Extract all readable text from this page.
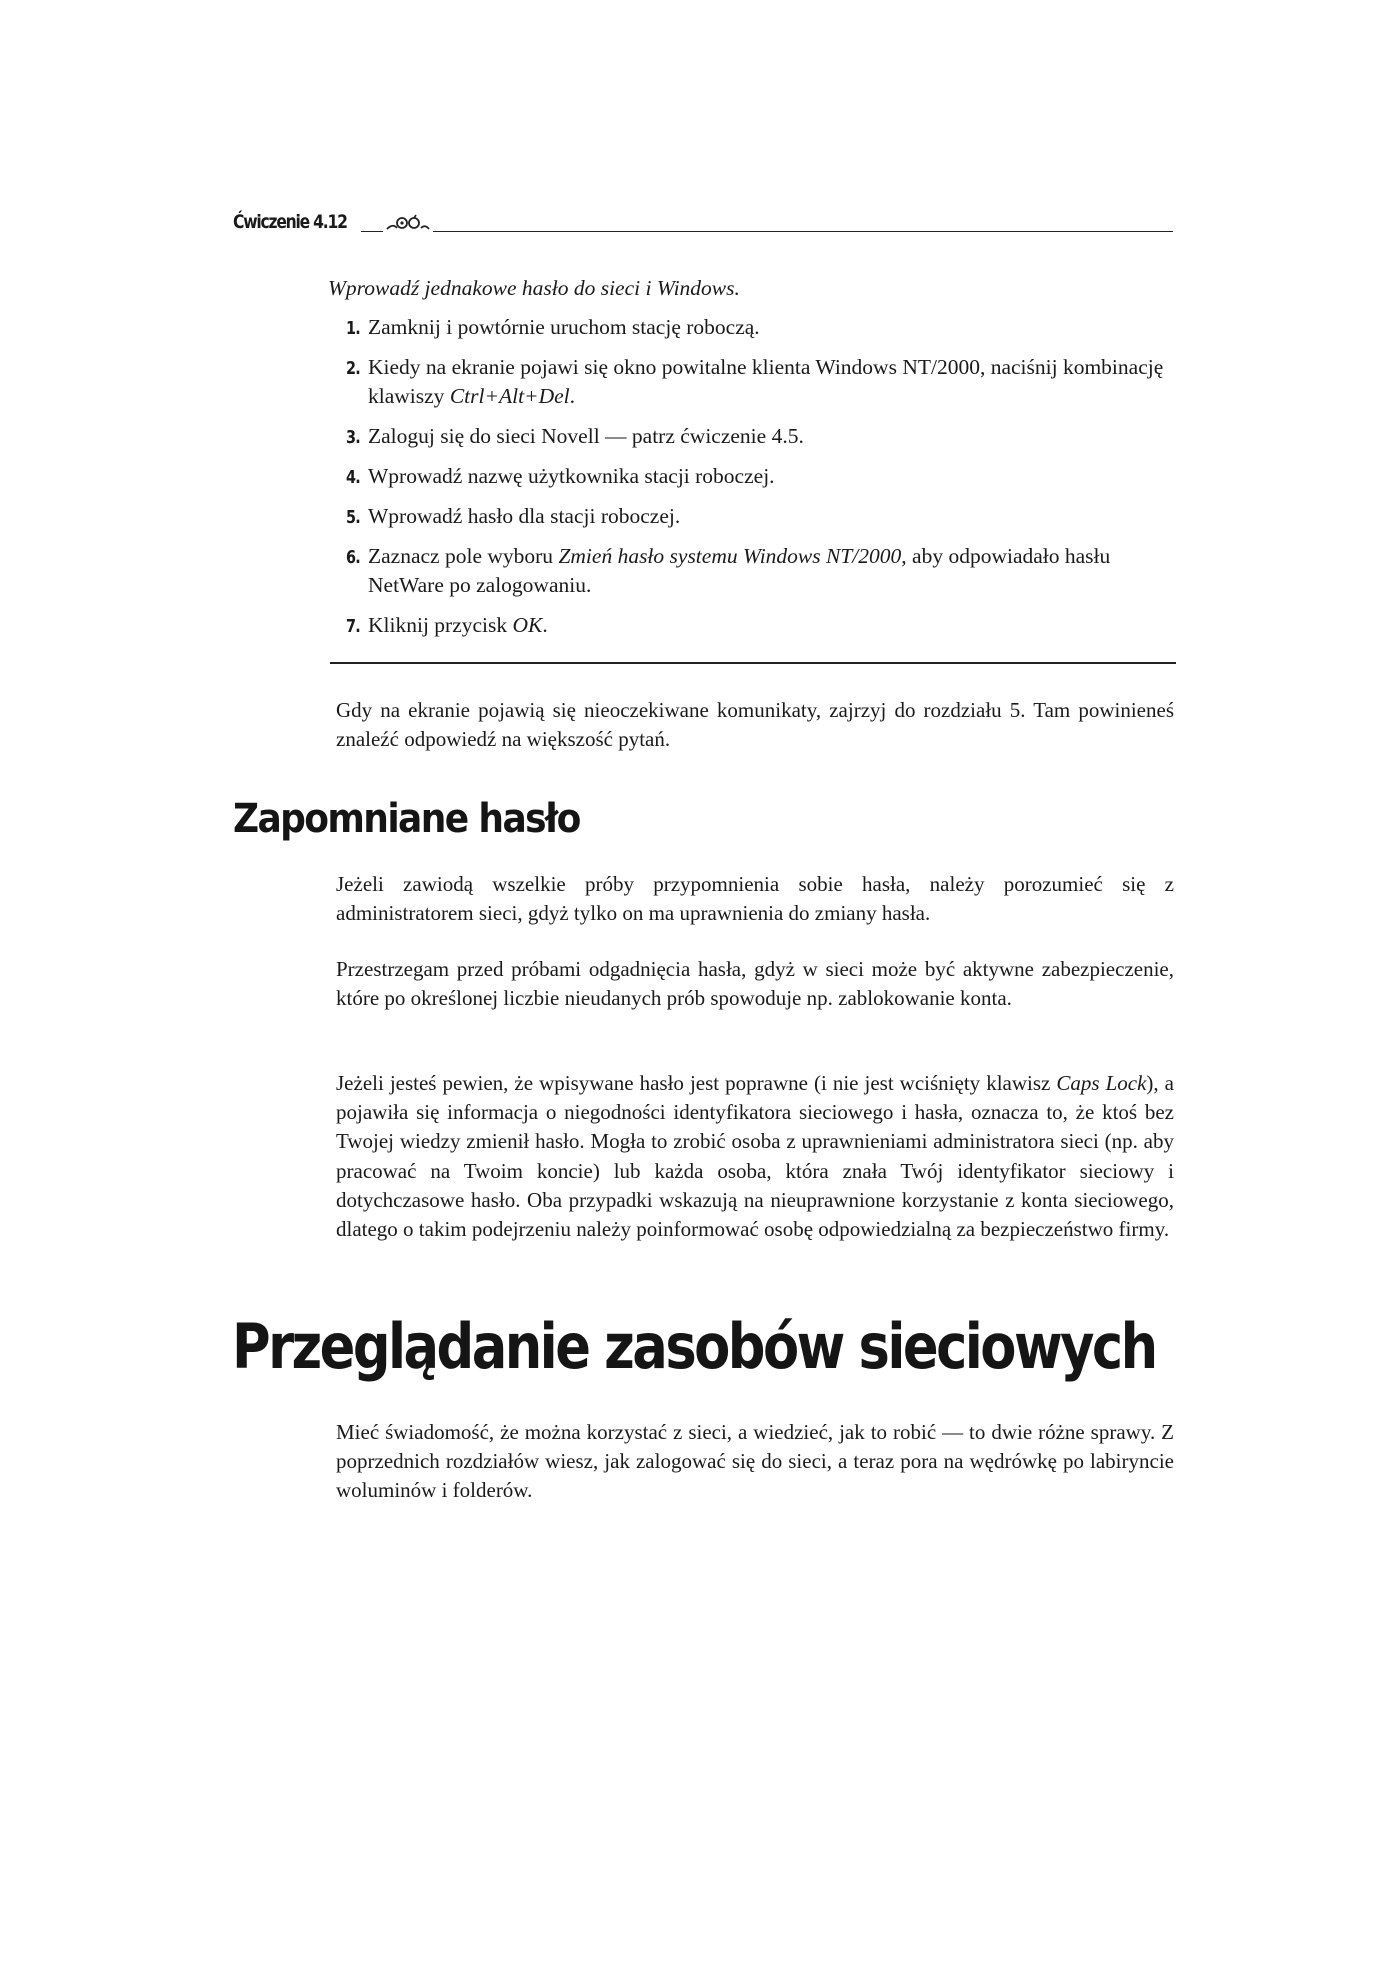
Ćwiczenie 4.12

Wprowadź jednakowe hasło do sieci i Windows.

1. Zamknij i powtórnie uruchom stację roboczą.
2. Kiedy na ekranie pojawi się okno powitalne klienta Windows NT/2000, naciśnij kombinację klawiszy Ctrl+Alt+Del.
3. Zaloguj się do sieci Novell — patrz ćwiczenie 4.5.
4. Wprowadź nazwę użytkownika stacji roboczej.
5. Wprowadź hasło dla stacji roboczej.
6. Zaznacz pole wyboru Zmień hasło systemu Windows NT/2000, aby odpowiadało hasłu NetWare po zalogowaniu.
7. Kliknij przycisk OK.

Gdy na ekranie pojawią się nieoczekiwane komunikaty, zajrzyj do rozdziału 5. Tam powinieneś znaleźć odpowiedź na większość pytań.

Zapomniane hasło

Jeżeli zawiodą wszelkie próby przypomnienia sobie hasła, należy porozumieć się z administratorem sieci, gdyż tylko on ma uprawnienia do zmiany hasła.

Przestrzegam przed próbami odgadnięcia hasła, gdyż w sieci może być aktywne zabezpieczenie, które po określonej liczbie nieudanych prób spowoduje np. zablokowanie konta.

Jeżeli jesteś pewien, że wpisywane hasło jest poprawne (i nie jest wciśnięty klawisz Caps Lock), a pojawiła się informacja o niegodności identyfikatora sieciowego i hasła, oznacza to, że ktoś bez Twojej wiedzy zmienił hasło. Mogła to zrobić osoba z uprawnieniami administratora sieci (np. aby pracować na Twoim koncie) lub każda osoba, która znała Twój identyfikator sieciowy i dotychczasowe hasło. Oba przypadki wskazują na nieuprawnione korzystanie z konta sieciowego, dlatego o takim podejrzeniu należy poinformować osobę odpowiedzialną za bezpieczeństwo firmy.

Przeglądanie zasobów sieciowych

Mieć świadomość, że można korzystać z sieci, a wiedzieć, jak to robić — to dwie różne sprawy. Z poprzednich rozdziałów wiesz, jak zalogować się do sieci, a teraz pora na wędrówkę po labiryncie woluminów i folderów.
